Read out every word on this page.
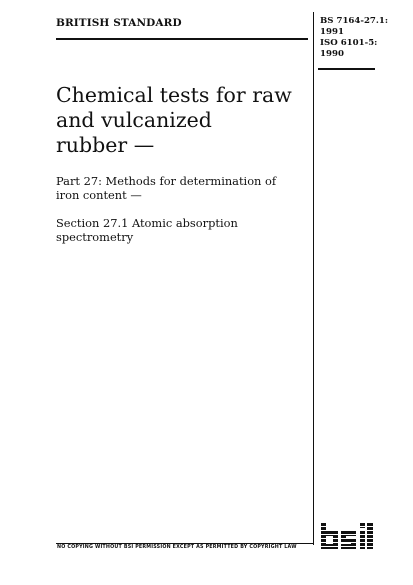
BRITISH STANDARD	BS 7164-27.1:
1991
ISO 6101-5:
1990
Chemical tests for raw
and vulcanized
rubber —
Part 27: Methods for determination of
iron content —
Section 27.1 Atomic absorption
spectrometry
NO COPYING WITHOUT BSI PERMISSION EXCEPT AS PERMITTED BY COPYRIGHT LAW
